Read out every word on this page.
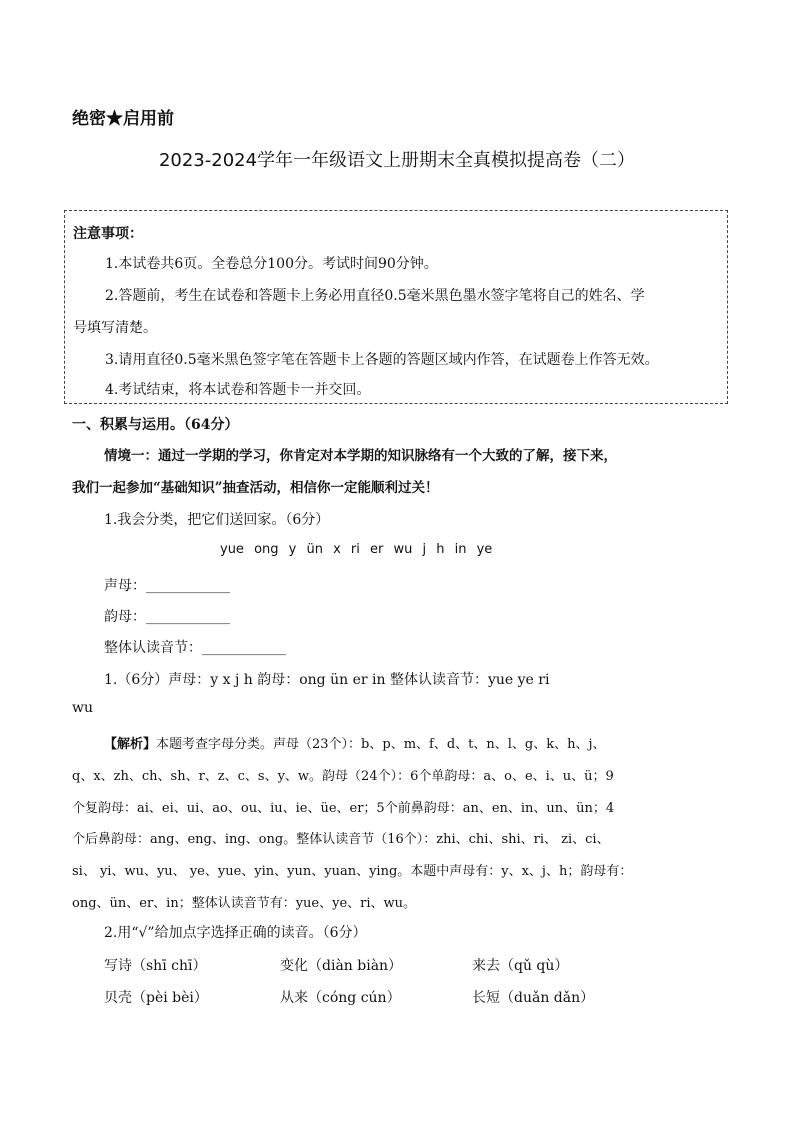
绝密★启用前
2023-2024学年一年级语文上册期末全真模拟提高卷（二）
注意事项：
1.本试卷共6页。全卷总分100分。考试时间90分钟。
2.答题前，考生在试卷和答题卡上务必用直径0.5毫米黑色墨水签字笔将自己的姓名、学
号填写清楚。
3.请用直径0.5毫米黑色签字笔在答题卡上各题的答题区域内作答，在试题卷上作答无效。
4.考试结束，将本试卷和答题卡一并交回。
一、积累与运用。（64分）
情境一：通过一学期的学习，你肯定对本学期的知识脉络有一个大致的了解，接下来，
我们一起参加“基础知识”抽查活动，相信你一定能顺利过关！
1.我会分类，把它们送回家。（6分）
yue ong y ün x ri er wu j h in ye
声母：____________
韵母：____________
整体认读音节：____________
1.（6分）声母：y x j h 韵母：ong ün er in 整体认读音节：yue ye ri
wu
【解析】本题考查字母分类。声母（23个）：b、p、m、f、d、t、n、l、g、k、h、j、
q、x、zh、ch、sh、r、z、c、s、y、w。韵母（24个）：6个单韵母：a、o、e、i、u、ü；9
个复韵母：ai、ei、ui、ao、ou、iu、ie、üe、er；5个前鼻韵母：an、en、in、un、ün；4
个后鼻韵母：ang、eng、ing、ong。整体认读音节（16个）：zhi、chi、shi、ri、 zi、ci、
si、 yi、wu、yu、 ye、yue、yin、yun、yuan、ying。本题中声母有：y、x、j、h；韵母有：
ong、ün、er、in；整体认读音节有：yue、ye、ri、wu。
2.用“√”给加点字选择正确的读音。（6分）
写诗（shī chī）	变化（diàn biàn）	来去（qǔ qù）
贝壳（pèi bèi）	从来（cóng cún）	长短（duǎn dǎn）
